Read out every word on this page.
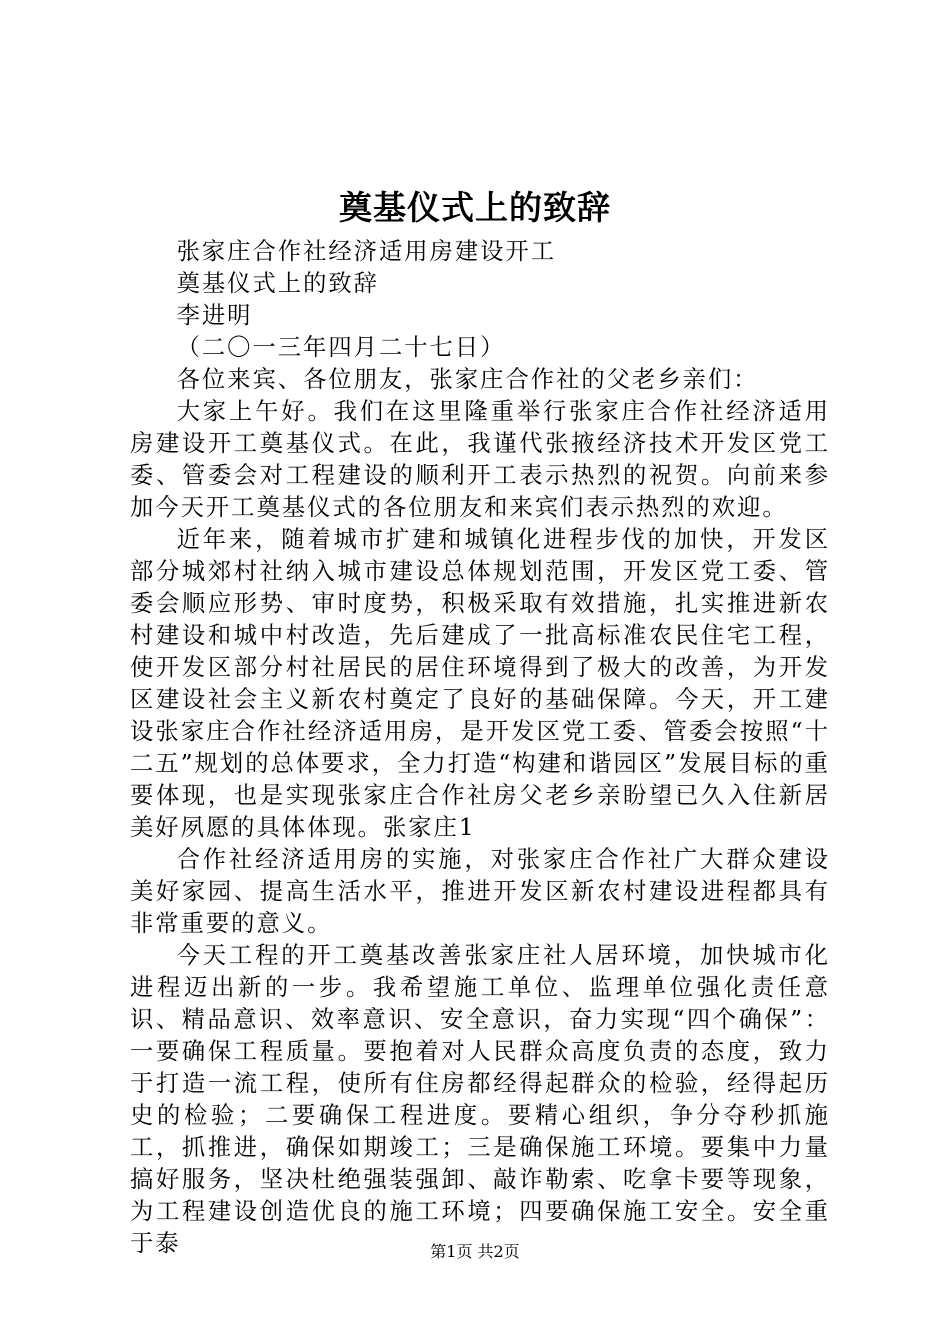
奠基仪式上的致辞

张家庄合作社经济适用房建设开工

奠基仪式上的致辞

李进明

（二〇一三年四月二十七日）

各位来宾、各位朋友，张家庄合作社的父老乡亲们：

大家上午好。我们在这里隆重举行张家庄合作社经济适用房建设开工奠基仪式。在此，我谨代张掖经济技术开发区党工委、管委会对工程建设的顺利开工表示热烈的祝贺。向前来参加今天开工奠基仪式的各位朋友和来宾们表示热烈的欢迎。

近年来，随着城市扩建和城镇化进程步伐的加快，开发区部分城郊村社纳入城市建设总体规划范围，开发区党工委、管委会顺应形势、审时度势，积极采取有效措施，扎实推进新农村建设和城中村改造，先后建成了一批高标准农民住宅工程，使开发区部分村社居民的居住环境得到了极大的改善，为开发区建设社会主义新农村奠定了良好的基础保障。今天，开工建设张家庄合作社经济适用房，是开发区党工委、管委会按照“十二五”规划的总体要求，全力打造“构建和谐园区”发展目标的重要体现，也是实现张家庄合作社房父老乡亲盼望已久入住新居美好夙愿的具体体现。张家庄1

合作社经济适用房的实施，对张家庄合作社广大群众建设美好家园、提高生活水平，推进开发区新农村建设进程都具有非常重要的意义。

今天工程的开工奠基改善张家庄社人居环境，加快城市化进程迈出新的一步。我希望施工单位、监理单位强化责任意识、精品意识、效率意识、安全意识，奋力实现“四个确保”：一要确保工程质量。要抱着对人民群众高度负责的态度，致力于打造一流工程，使所有住房都经得起群众的检验，经得起历史的检验；二要确保工程进度。要精心组织，争分夺秒抓施工，抓推进，确保如期竣工；三是确保施工环境。要集中力量搞好服务，坚决杜绝强装强卸、敲诈勒索、吃拿卡要等现象，为工程建设创造优良的施工环境；四要确保施工安全。安全重于泰	第1页 共2页
